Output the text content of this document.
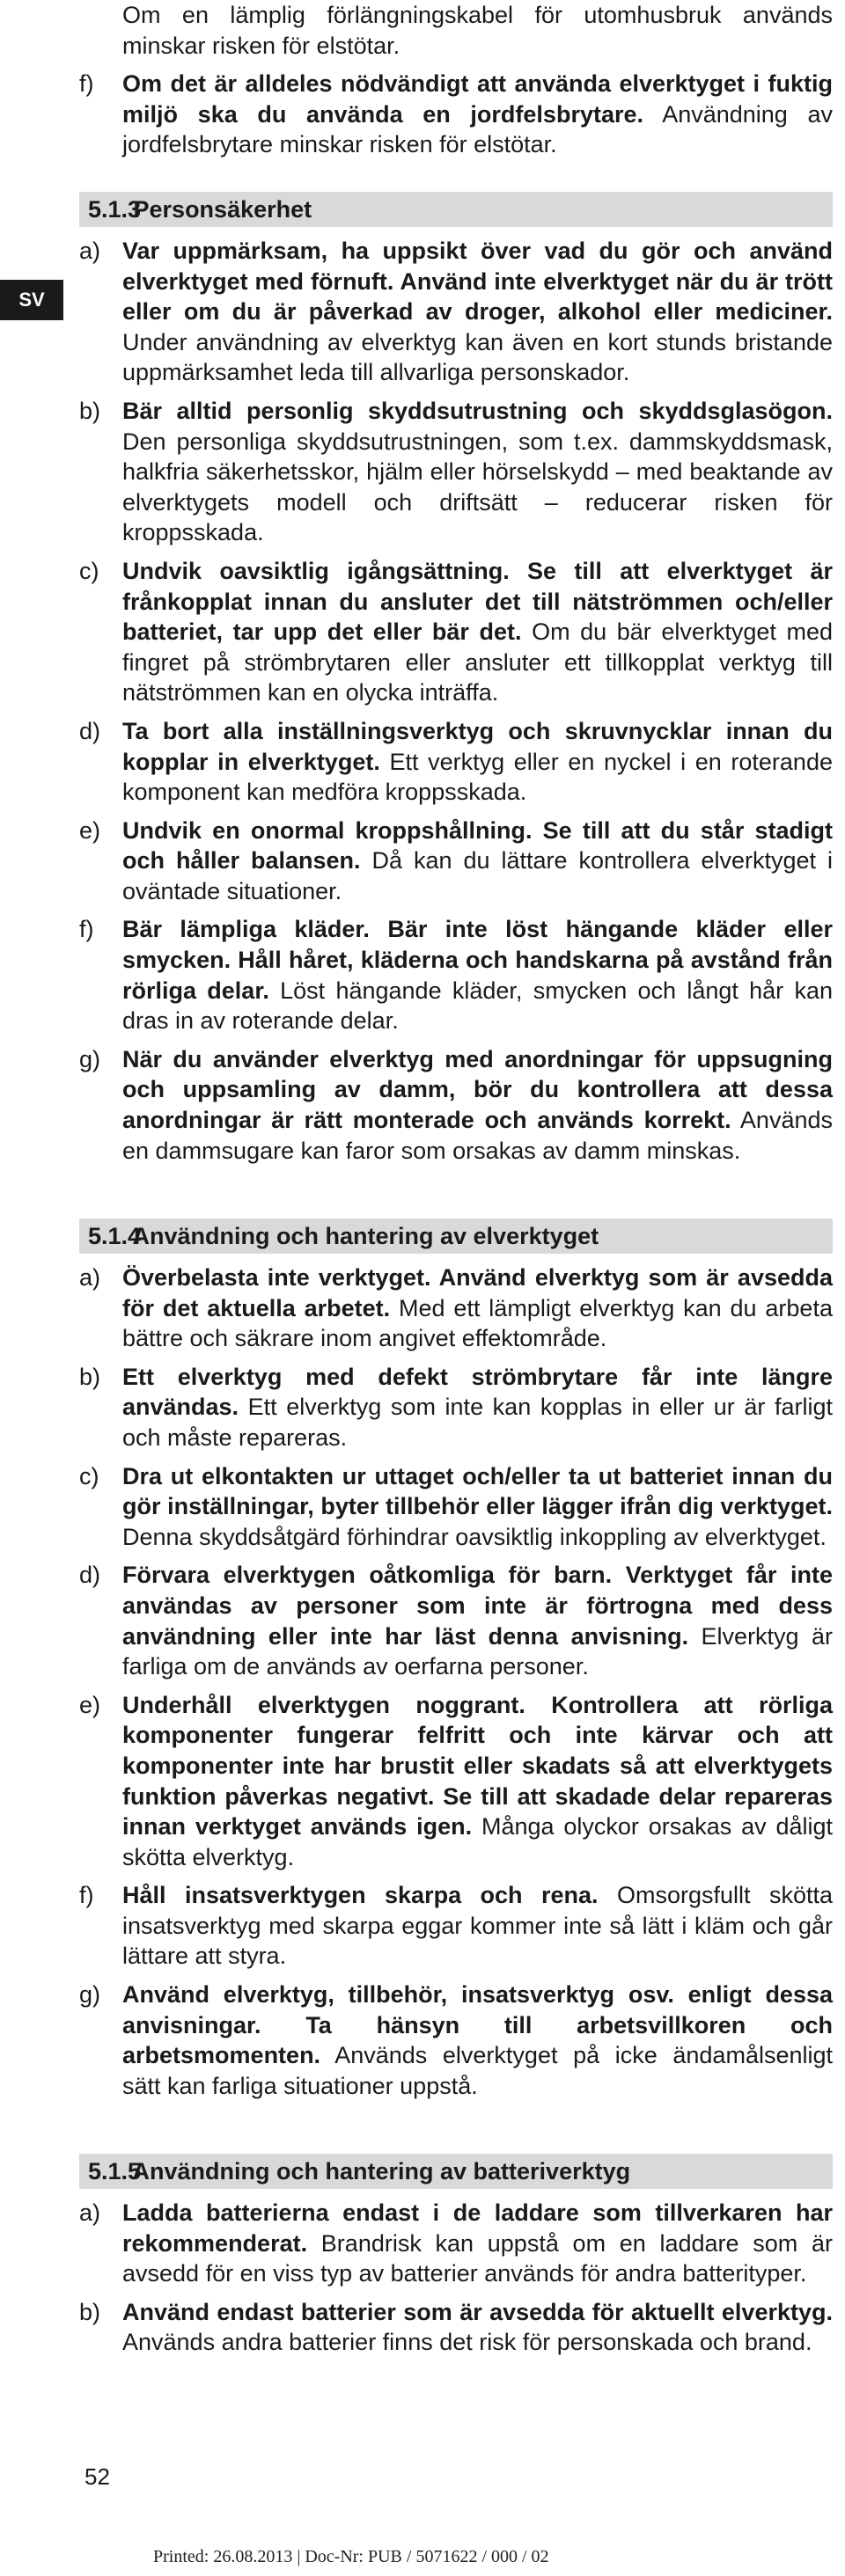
SV

Om en lämplig förlängningskabel för utomhusbruk används minskar risken för elstötar.

f) Om det är alldeles nödvändigt att använda elverktyget i fuktig miljö ska du använda en jordfelsbrytare. Användning av jordfelsbrytare minskar risken för elstötar.
5.1.3 Personsäkerhet
a) Var uppmärksam, ha uppsikt över vad du gör och använd elverktyget med förnuft. Använd inte elverktyget när du är trött eller om du är påverkad av droger, alkohol eller mediciner. Under användning av elverktyg kan även en kort stunds bristande uppmärksamhet leda till allvarliga personskador.
b) Bär alltid personlig skyddsutrustning och skyddsglasögon. Den personliga skyddsutrustningen, som t.ex. dammskyddsmask, halkfria säkerhetsskor, hjälm eller hörselskydd – med beaktande av elverktygets modell och driftsätt – reducerar risken för kroppsskada.
c) Undvik oavsiktlig igångsättning. Se till att elverktyget är frånkopplat innan du ansluter det till nätströmmen och/eller batteriet, tar upp det eller bär det. Om du bär elverktyget med fingret på strömbrytaren eller ansluter ett tillkopplat verktyg till nätströmmen kan en olycka inträffa.
d) Ta bort alla inställningsverktyg och skruvnycklar innan du kopplar in elverktyget. Ett verktyg eller en nyckel i en roterande komponent kan medföra kroppsskada.
e) Undvik en onormal kroppshållning. Se till att du står stadigt och håller balansen. Då kan du lättare kontrollera elverktyget i oväntade situationer.
f) Bär lämpliga kläder. Bär inte löst hängande kläder eller smycken. Håll håret, kläderna och handskarna på avstånd från rörliga delar. Löst hängande kläder, smycken och långt hår kan dras in av roterande delar.
g) När du använder elverktyg med anordningar för uppsugning och uppsamling av damm, bör du kontrollera att dessa anordningar är rätt monterade och används korrekt. Används en dammsugare kan faror som orsakas av damm minskas.
5.1.4 Användning och hantering av elverktyget
a) Överbelasta inte verktyget. Använd elverktyg som är avsedda för det aktuella arbetet. Med ett lämpligt elverktyg kan du arbeta bättre och säkrare inom angivet effektområde.
b) Ett elverktyg med defekt strömbrytare får inte längre användas. Ett elverktyg som inte kan kopplas in eller ur är farligt och måste repareras.
c) Dra ut elkontakten ur uttaget och/eller ta ut batteriet innan du gör inställningar, byter tillbehör eller lägger ifrån dig verktyget. Denna skyddsåtgärd förhindrar oavsiktlig inkoppling av elverktyget.
d) Förvara elverktygen oåtkomliga för barn. Verktyget får inte användas av personer som inte är förtrogna med dess användning eller inte har läst denna anvisning. Elverktyg är farliga om de används av oerfarna personer.
e) Underhåll elverktygen noggrant. Kontrollera att rörliga komponenter fungerar felfritt och inte kärvar och att komponenter inte har brustit eller skadats så att elverktygets funktion påverkas negativt. Se till att skadade delar repareras innan verktyget används igen. Många olyckor orsakas av dåligt skötta elverktyg.
f) Håll insatsverktygen skarpa och rena. Omsorgsfullt skötta insatsverktyg med skarpa eggar kommer inte så lätt i kläm och går lättare att styra.
g) Använd elverktyg, tillbehör, insatsverktyg osv. enligt dessa anvisningar. Ta hänsyn till arbetsvillkoren och arbetsmomenten. Används elverktyget på icke ändamålsenligt sätt kan farliga situationer uppstå.
5.1.5 Användning och hantering av batteriverktyg
a) Ladda batterierna endast i de laddare som tillverkaren har rekommenderat. Brandrisk kan uppstå om en laddare som är avsedd för en viss typ av batterier används för andra batterityper.
b) Använd endast batterier som är avsedda för aktuellt elverktyg. Används andra batterier finns det risk för personskada och brand.
52
Printed: 26.08.2013 | Doc-Nr: PUB / 5071622 / 000 / 02
